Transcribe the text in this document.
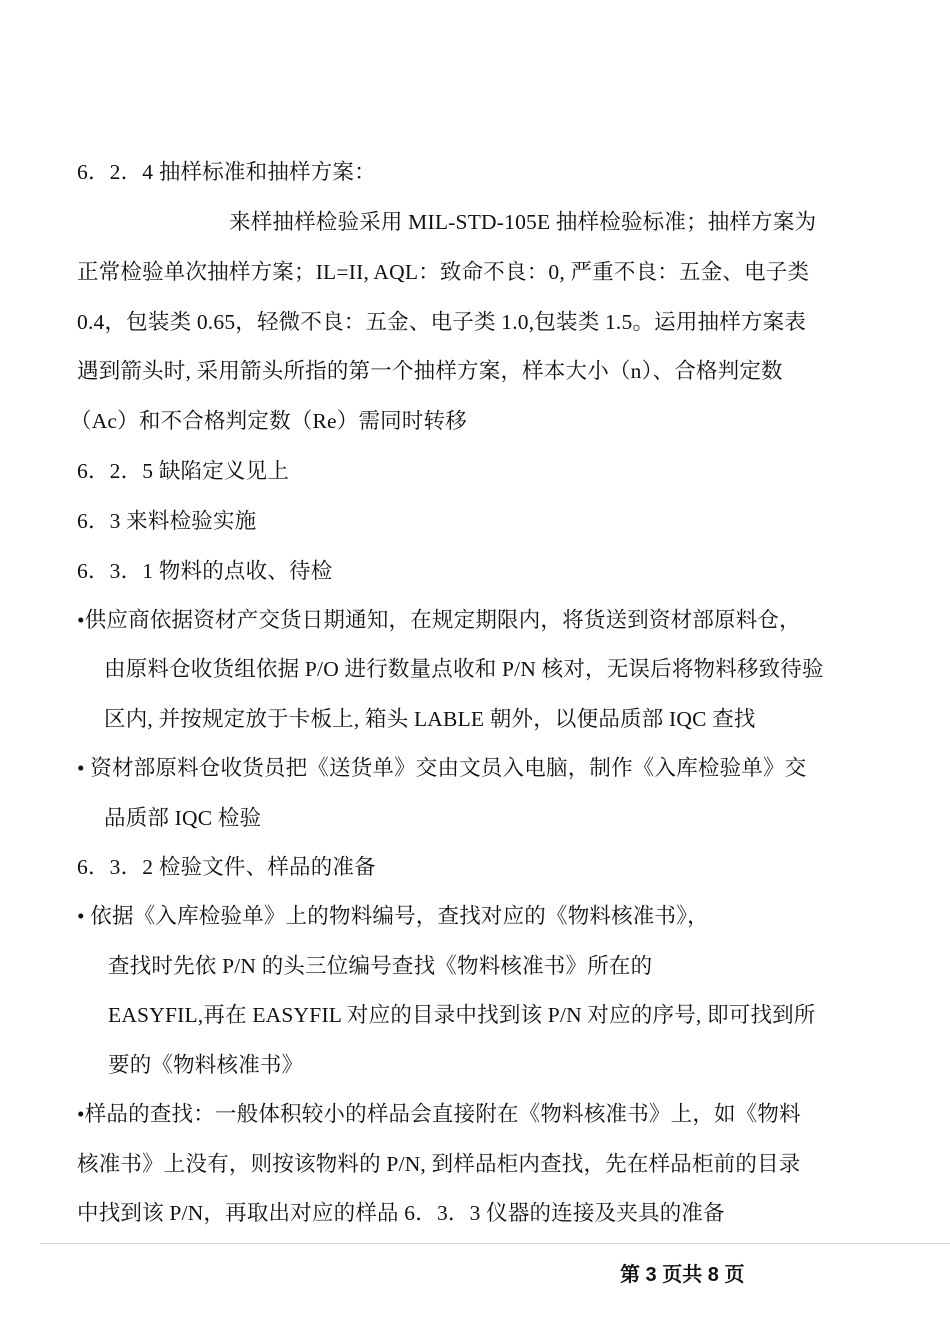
6．2．4 抽样标准和抽样方案：
来样抽样检验采用 MIL-STD-105E 抽样检验标准；抽样方案为
正常检验单次抽样方案；IL=II, AQL：致命不良：0, 严重不良：五金、电子类
0.4，包装类 0.65，轻微不良：五金、电子类 1.0,包装类 1.5。运用抽样方案表
遇到箭头时, 采用箭头所指的第一个抽样方案，样本大小（n）、合格判定数
（Ac）和不合格判定数（Re）需同时转移
6．2．5 缺陷定义见上
6．3 来料检验实施
6．3．1 物料的点收、待检
•供应商依据资材产交货日期通知，在规定期限内，将货送到资材部原料仓，
由原料仓收货组依据 P/O 进行数量点收和 P/N 核对，无误后将物料移致待验
区内, 并按规定放于卡板上, 箱头 LABLE 朝外，以便品质部 IQC 查找
• 资材部原料仓收货员把《送货单》交由文员入电脑，制作《入库检验单》交
品质部 IQC 检验
6．3．2 检验文件、样品的准备
• 依据《入库检验单》上的物料编号，查找对应的《物料核准书》，
查找时先依 P/N 的头三位编号查找《物料核准书》所在的
EASYFIL,再在 EASYFIL 对应的目录中找到该 P/N 对应的序号, 即可找到所
要的《物料核准书》
•样品的查找：一般体积较小的样品会直接附在《物料核准书》上，如《物料
核准书》上没有，则按该物料的 P/N, 到样品柜内查找，先在样品柜前的目录
中找到该 P/N，再取出对应的样品 6．3．3 仪器的连接及夹具的准备
第 3 页共 8 页
